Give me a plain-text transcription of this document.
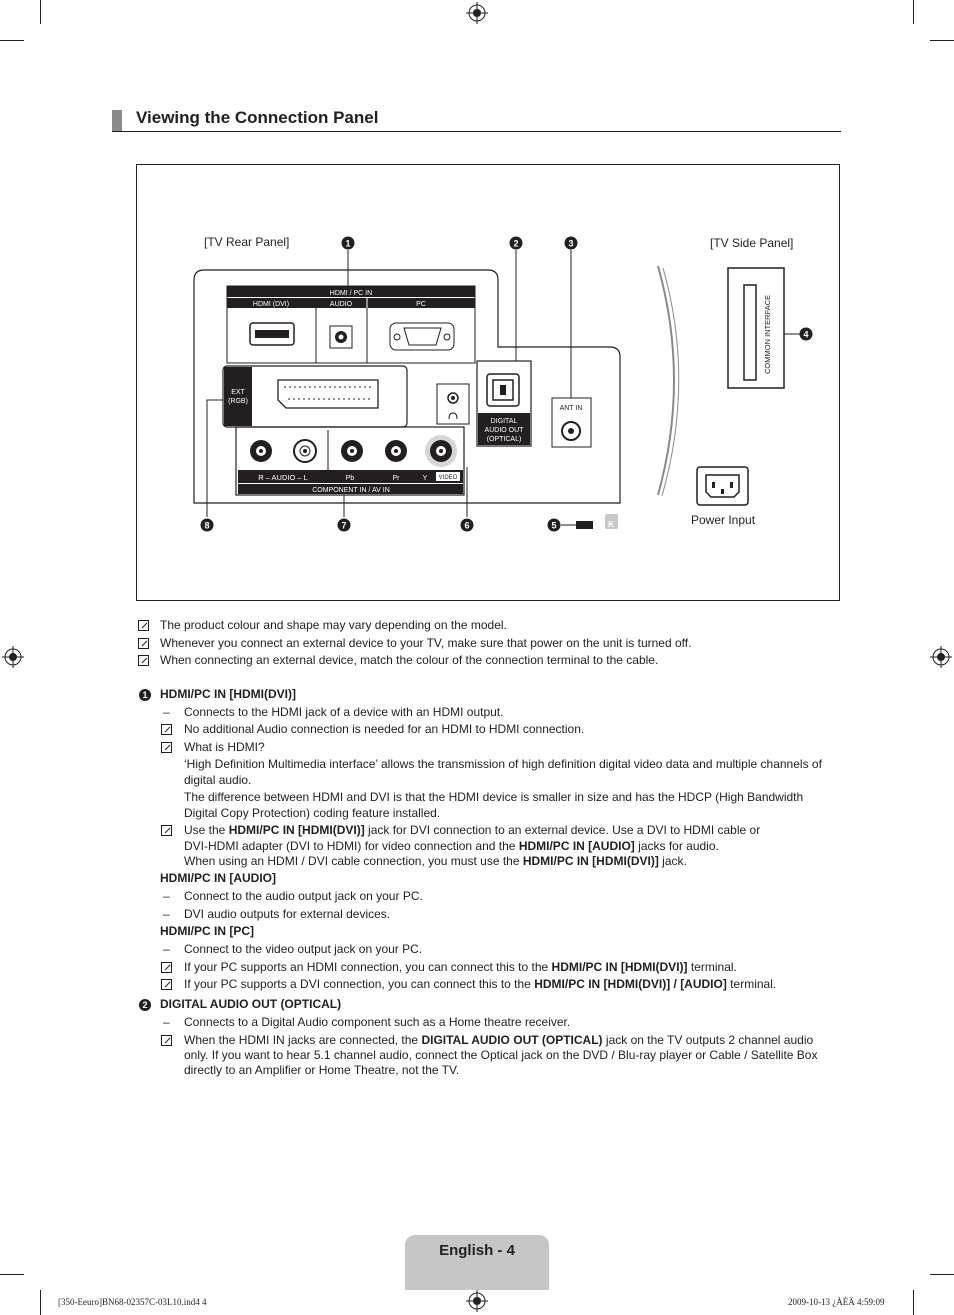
Viewing the Connection Panel
[TV Rear Panel]	[TV Side Panel]
Power Input
HDMI / PC IN
HDMI (DVI)	AUDIO	PC
EXT
(RGB)
R – AUDIO – L	Pb	Pr	Y VIDEO
COMPONENT IN / AV IN
DIGITAL
AUDIO OUT
(OPTICAL)
ANT IN
COMMON INTERFACE
K
1	2	3
4
5
6
7
8
The product colour and shape may vary depending on the model.
Whenever you connect an external device to your TV, make sure that power on the unit is turned off.
When connecting an external device, match the colour of the connection terminal to the cable.
1 HDMI/PC IN [HDMI(DVI)]
– Connects to the HDMI jack of a device with an HDMI output.
No additional Audio connection is needed for an HDMI to HDMI connection.
What is HDMI?
‘High Definition Multimedia interface’ allows the transmission of high definition digital video data and multiple channels of
digital audio.
The difference between HDMI and DVI is that the HDMI device is smaller in size and has the HDCP (High Bandwidth
Digital Copy Protection) coding feature installed.
Use the HDMI/PC IN [HDMI(DVI)] jack for DVI connection to an external device. Use a DVI to HDMI cable or
DVI-HDMI adapter (DVI to HDMI) for video connection and the HDMI/PC IN [AUDIO] jacks for audio.
When using an HDMI / DVI cable connection, you must use the HDMI/PC IN [HDMI(DVI)] jack.
HDMI/PC IN [AUDIO]
– Connect to the audio output jack on your PC.
– DVI audio outputs for external devices.
HDMI/PC IN [PC]
– Connect to the video output jack on your PC.
If your PC supports an HDMI connection, you can connect this to the HDMI/PC IN [HDMI(DVI)] terminal.
If your PC supports a DVI connection, you can connect this to the HDMI/PC IN [HDMI(DVI)] / [AUDIO] terminal.
2 DIGITAL AUDIO OUT (OPTICAL)
– Connects to a Digital Audio component such as a Home theatre receiver.
When the HDMI IN jacks are connected, the DIGITAL AUDIO OUT (OPTICAL) jack on the TV outputs 2 channel audio
only. If you want to hear 5.1 channel audio, connect the Optical jack on the DVD / Blu-ray player or Cable / Satellite Box
directly to an Amplifier or Home Theatre, not the TV.
English - 4
[350-Eeuro]BN68-02357C-03L10.ind4 4	2009-10-13 ¿ÀÈÄ 4:59:09
